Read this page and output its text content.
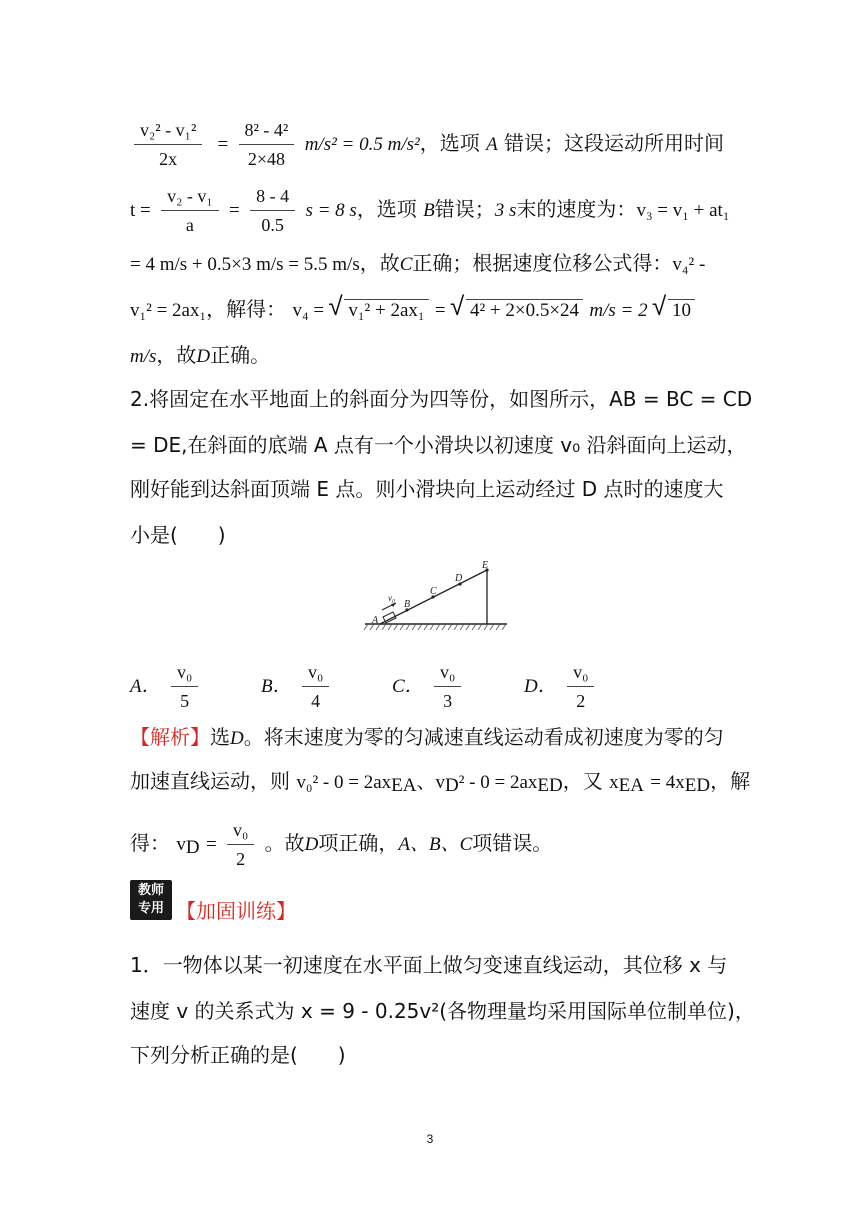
$\frac{\text{v₂² - v₁²}}{2x} = \frac{\text{8² - 4²}}{2\times 48} m/s^2 = 0.5$ m/s²，选项 A 错误；这段运动所用时间
$t = \frac{\text{v₂ - v₁}}{a} = \frac{8 - 4}{0.5}$ s = 8 s，选项 B错误；3 s末的速度为：v₃ = v₁ + at₁
= 4 m/s + 0.5×3 m/s = 5.5 m/s，故C正确；根据速度位移公式得：v₄² -
v₁² = 2ax₁，解得： v₄ = √ v₁² + 2ax₁ = √ 4² + 2×0.5×24 m/s = 2 √ 10
m/s，故D正确。
2.将固定在水平地面上的斜面分为四等份，如图所示，AB = BC = CD
= DE,在斜面的底端 A 点有一个小滑块以初速度 v₀ 沿斜面向上运动，
刚好能到达斜面顶端 E 点。则小滑块向上运动经过 D 点时的速度大
小是(　　)
A
B
C
D
E
v₀
A． $\frac{\text{v₀}}{5}$	B． $\frac{\text{v₀}}{4}$	C． $\frac{\text{v₀}}{3}$	D． $\frac{\text{v₀}}{2}$
【解析】选D。将末速度为零的匀减速直线运动看成初速度为零的匀
加速直线运动，则 $v_0^2 - 0 = 2ax_{EA}$、$v_D^2 - 0 = 2ax_{ED}$，又 $x_{EA} = 4x_{ED}$，解
得： $v_D = \frac{\text{v₀}}{2}$ 。故D项正确，A、B、C项错误。
教师
专用 【加固训练】
1．一物体以某一初速度在水平面上做匀变速直线运动，其位移 x 与
速度 v 的关系式为 x = 9 - 0.25v²(各物理量均采用国际单位制单位)，
下列分析正确的是(　　)
3
